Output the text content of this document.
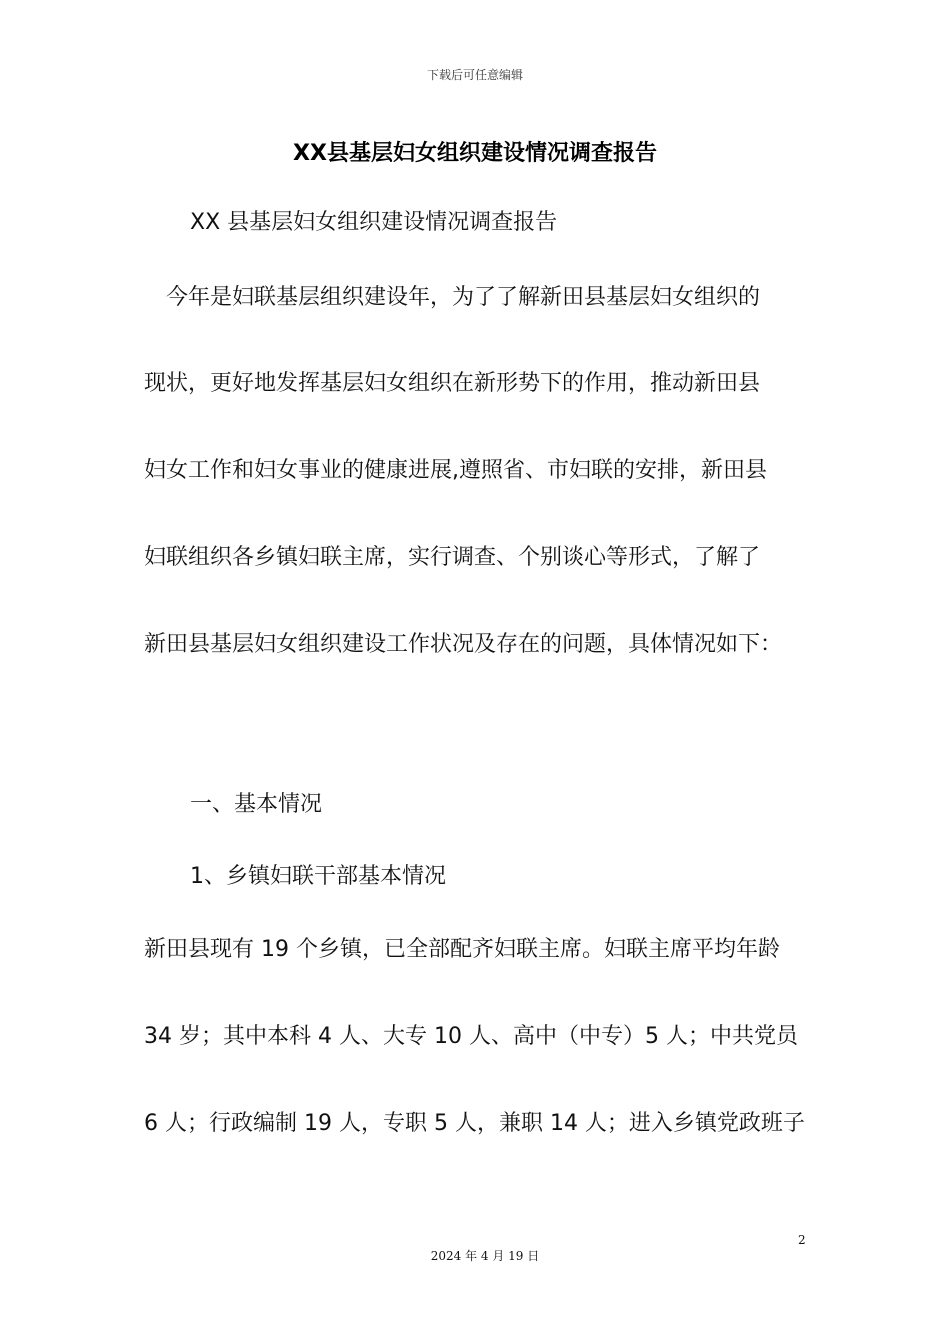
下载后可任意编辑
XX县基层妇女组织建设情况调查报告
XX 县基层妇女组织建设情况调查报告
今年是妇联基层组织建设年，为了了解新田县基层妇女组织的
现状，更好地发挥基层妇女组织在新形势下的作用，推动新田县
妇女工作和妇女事业的健康进展,遵照省、市妇联的安排，新田县
妇联组织各乡镇妇联主席，实行调查、个别谈心等形式，了解了
新田县基层妇女组织建设工作状况及存在的问题，具体情况如下：
一、基本情况
1、乡镇妇联干部基本情况
新田县现有 19 个乡镇，已全部配齐妇联主席。妇联主席平均年龄
34 岁；其中本科 4 人、大专 10 人、高中（中专）5 人；中共党员
6 人；行政编制 19 人，专职 5 人，兼职 14 人；进入乡镇党政班子
2
2024 年 4 月 19 日
